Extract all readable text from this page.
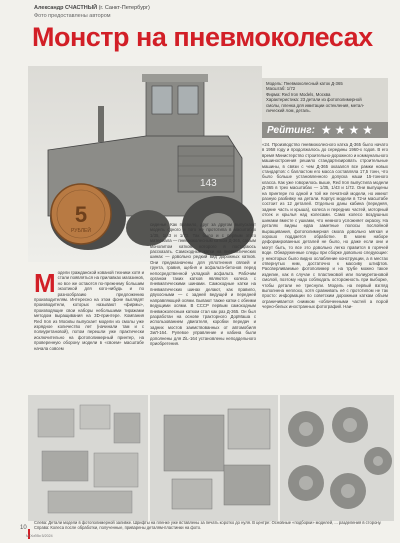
Александр СЧАСТНЫЙ (г. Санкт-Петербург)
Фото предоставлены автором
Монстр на пневмоколесах
143
5
РУБЛЕЙ
Модель: Пневмоколесный каток Д-365
Масштаб: 1/72
Фирма: Red Iron Models, Москва
Характеристика: 23 детали из фотополимерной
смолы, пленка для имитации остекления, метал-
лический лом, деталь.
Рейтинг: ★★★★
«24. Производство пневмоколесного катка Д-365 было начато в 1958 году и продолжалось до середины 1960-х годов. В его время Министерство строительно-дорожного и коммунального машиностроения решило стандартизировать строительные машины, в связи с чем Д-365 оказался все рамки новых стандартов: с балластом его масса составляла 17,5 тонн, что было больше установленного допуска наши 15-тонного класса. Как уже говорилось выше, Red Iron выпустила модели Д-365 в трех масштабах — 1/35, 1/43 и 1/72. Они выпущены на принтере по одной и той же печатной модели, но имеют разную разбивку на детали. Корпус модели в 72-м масштабе состоит из 12 деталей. Отдельно даны кабина (передняя, задние часть и крыша), колеса и передних частей, моторный отсек и крылья над колесами. Само колесо воздушных шинами вместе с ушками, что немного усложняет окраску. На деталях видны едва заметные полосы послойной выращивания, фотополимерная смола довольно мягкая и хорошо поддается обработке. В моем наборе деформированных деталей не было, но даже если они и могут быть, то все это довольно легко правится в горячей воде. Обнаруженные следы при сборке довольно следующие: у некоторых было видно ослабление конструкции, а в местах отвернутых ним, достаточно к массиву штифтов. Рассверливаемые фотополимер и на трубе можно такое изделие, как в случае с пластиковой или полиуретановой смолой, поэтому надо соблюдать осторожность при выборке, чтобы детали не треснули. Модель на первый взгляд выполнена неплохо, хотя сравнивать её с прототипом не так просто: информации по советским дорожным каткам объем ограничивается снимком «обличенными частей а порой черно-белых иностранных фотографий. Наи-
сиденье. Как правило, друг за другом выпускают модель одного и того же прототипа в масштабах 1/35, 1/43 и 1/72. Так было и с первым этого материала — пневмоколесным катком Д-365, самым монолитом катком которого я постараюсь рассказать. Самоходные катки на пневматических шинах — довольно редкий вид дорожных катков. Они предназначены для уплотнения связей и грунта, гравия, щебня и асфальта-бетонов перед непосредственной укладкой асфальта. Рабочим органом таких катков являются колеса с пневматическими шинами. Самоходные катки на пневматических шинах делают, как правило, двухосными — с задней ведущей и передней направляющей осями. Бывают также катки с обеими ведущими осями. В СССР первым самоходным пневмоколесным катком стал как раз Д-365. Он был разработан на основе тракторного ДорМаша с использованием двигателя, коробки передач и задних мостов заимствованных от автомобиля ЗиЛ-164. Рулевое управление и кабина были дополнены для ZiL-164 установлены неподдельного приобретения.
М одели гражданской кованой техники хотя и стали появляться на прилавках магазинов, но все же остаются по-прежнему большим экзотикой для кого-нибудь и по разнообразию предложению производителям. Интересно на этом фоне выглядят производители, которых называют «фирмы», производящие свои наборы небольшими тиражами методом выращивания на 3D-принтере. Компания Red Iron из Москвы выпускает модели из смолы уже изрядное количество лет (начинали там и с полиуретановой), потом перешли уже практически исключительно на фотополимерный принтер, на проверенную оборону модели в «своем» масштабе начала совсем
Слева: Детали модели в фотополимерной заливке. Шрифты на пленке уже вставлены за печать коротко до нуля. В центре: Основные «подборки» моделей, ... разделения в сторону. Справа: Колеса после обработки, полученные, приварены деталям-пластинки на фото.
10
М-Хобби 5/2024
